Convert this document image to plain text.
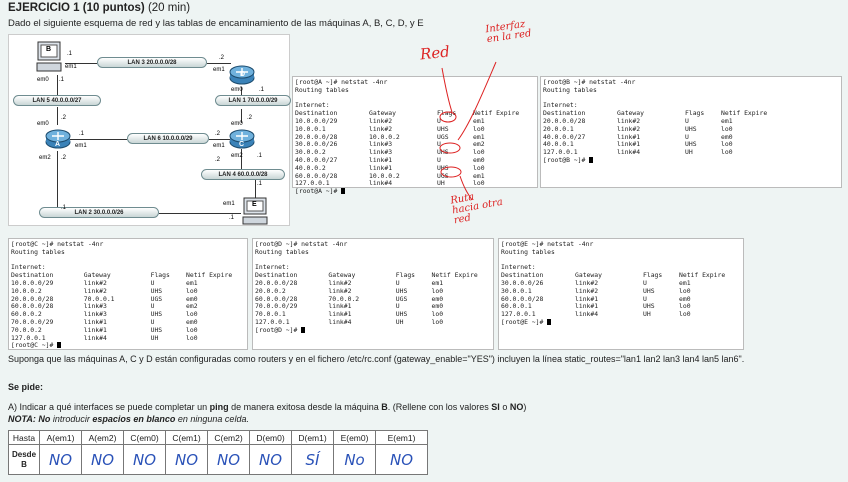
EJERCICIO 1 (10 puntos) (20 min)
Dado el siguiente esquema de red y las tablas de encaminamiento de las máquinas A, B, C, D, y E
LAN 3 20.0.0.0/28
LAN 5 40.0.0.0/27	LAN 1 70.0.0.0/29
LAN 6 10.0.0.0/29
LAN 4 60.0.0.0/28
LAN 2 30.0.0.0/26
B
D
A	C
E
.1
em1
em0 .1
.2
em1
em0	.1
.2
em0
.1
em1
em2 .2
.1
em0
.2
.2
em1
em2 .1
.2
.1
em1
.1
[root@A ~]# netstat -4nr
Routing tables
Internet:
Destination	Gateway	Flags	Netif Expire
10.0.0.0/29	link#2	U	em1
10.0.0.1	link#2	UHS	lo0
20.0.0.0/28	10.0.0.2	UGS	em1
30.0.0.0/26	link#3	U	em2
30.0.0.2	link#3	UHS	lo0
40.0.0.0/27	link#1	U	em0
40.0.0.2	link#1	UHS	lo0
60.0.0.0/28	10.0.0.2	UGS	em1
127.0.0.1	link#4	UH	lo0
[root@A ~]#
[root@B ~]# netstat -4nr
Routing tables
Internet:
Destination	Gateway	Flags	Netif Expire
20.0.0.0/28	link#2	U	em1
20.0.0.1	link#2	UHS	lo0
40.0.0.0/27	link#1	U	em0
40.0.0.1	link#1	UHS	lo0
127.0.0.1	link#4	UH	lo0
[root@B ~]#
[root@C ~]# netstat -4nr
Routing tables
Internet:
Destination	Gateway	Flags	Netif Expire
10.0.0.0/29	link#2	U	em1
10.0.0.2	link#2	UHS	lo0
20.0.0.0/28	70.0.0.1	UGS	em0
60.0.0.0/28	link#3	U	em2
60.0.0.2	link#3	UHS	lo0
70.0.0.0/29	link#1	U	em0
70.0.0.2	link#1	UHS	lo0
127.0.0.1	link#4	UH	lo0
[root@C ~]#
[root@D ~]# netstat -4nr
Routing tables
Internet:
Destination	Gateway	Flags	Netif Expire
20.0.0.0/28	link#2	U	em1
20.0.0.2	link#2	UHS	lo0
60.0.0.0/28	70.0.0.2	UGS	em0
70.0.0.0/29	link#1	U	em0
70.0.0.1	link#1	UHS	lo0
127.0.0.1	link#4	UH	lo0
[root@D ~]#
[root@E ~]# netstat -4nr
Routing tables
Internet:
Destination	Gateway	Flags	Netif Expire
30.0.0.0/26	link#2	U	em1
30.0.0.1	link#2	UHS	lo0
60.0.0.0/28	link#1	U	em0
60.0.0.1	link#1	UHS	lo0
127.0.0.1	link#4	UH	lo0
[root@E ~]#
Red
Interfaz en la red
Ruta hacia otra red
Suponga que las máquinas A, C y D están configuradas como routers y en el fichero /etc/rc.conf (gateway_enable="YES") incluyen la línea static_routes="lan1 lan2 lan3 lan4 lan5 lan6".
Se pide:
A) Indicar a qué interfaces se puede completar un ping de manera exitosa desde la máquina B. (Rellene con los valores SI o NO)
NOTA: No introducir espacios en blanco en ninguna celda.
Hasta	A(em1)	A(em2)	C(em0)	C(em1)	C(em2)	D(em0)	D(em1)	E(em0)	E(em1)
Desde B	NO	NO	NO	NO	NO	NO	SÍ	No	NO
